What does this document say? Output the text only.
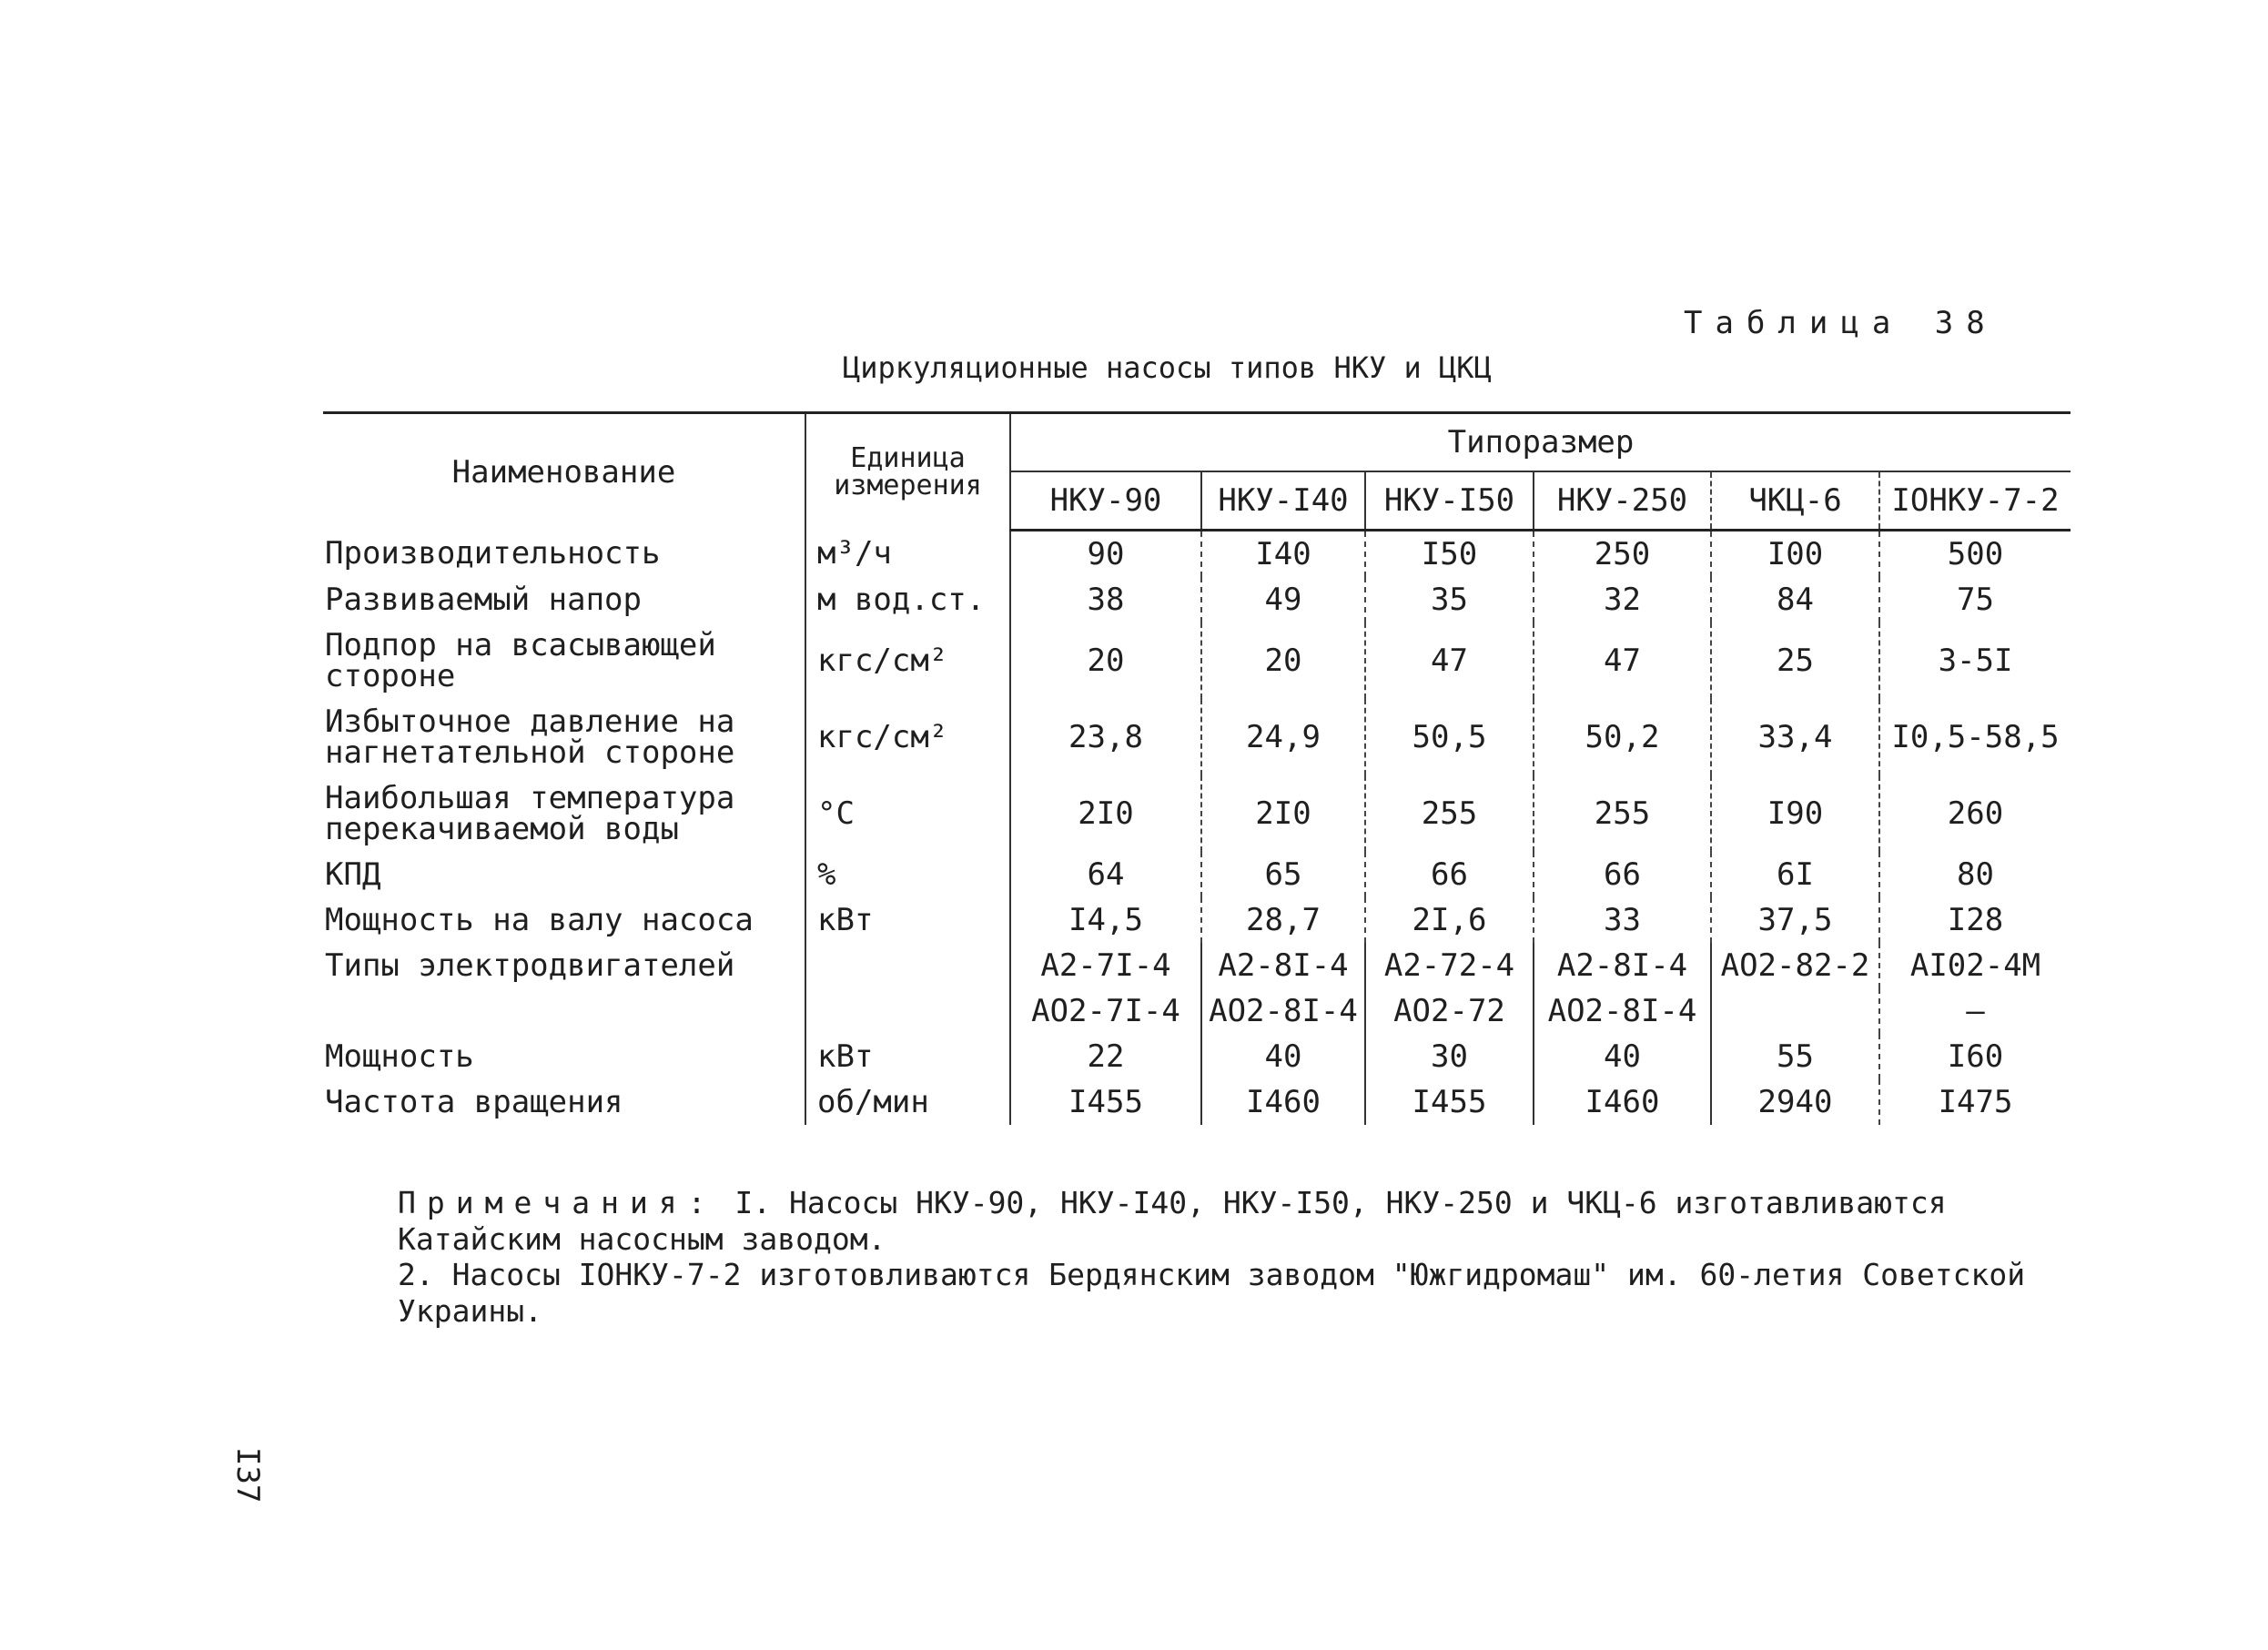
Таблица 38
Циркуляционные насосы типов НКУ и ЦКЦ
Наименование	Единица измерения	Типоразмер					
		НКУ-90	НКУ-I40	НКУ-I50	НКУ-250	ЧКЦ-6	IОНКУ-7-2
Производительность	м³/ч	90	I40	I50	250	I00	500
Развиваемый напор	м вод.ст.	38	49	35	32	84	75
Подпор на всасывающей стороне	кгс/см²	20	20	47	47	25	3-5I
Избыточное давление на нагнетательной стороне	кгс/см²	23,8	24,9	50,5	50,2	33,4	I0,5-58,5
Наибольшая температура перекачиваемой воды	°С	2I0	2I0	255	255	I90	260
КПД	%	64	65	66	66	6I	80
Мощность на валу насоса	кВт	I4,5	28,7	2I,6	33	37,5	I28
Типы электродвигателей		А2-7I-4	А2-8I-4	А2-72-4	А2-8I-4	АО2-82-2	АI02-4М
		АО2-7I-4	АО2-8I-4	АО2-72	АО2-8I-4		–
Мощность	кВт	22	40	30	40	55	I60
Частота вращения	об/мин	I455	I460	I455	I460	2940	I475

Примечания: I. Насосы НКУ-90, НКУ-I40, НКУ-I50, НКУ-250 и ЧКЦ-6 изготавливаются Катайским насосным заводом.

2. Насосы IОНКУ-7-2 изготовливаются Бердянским заводом "Южгидромаш" им. 60-летия Советской Украины.

I37
